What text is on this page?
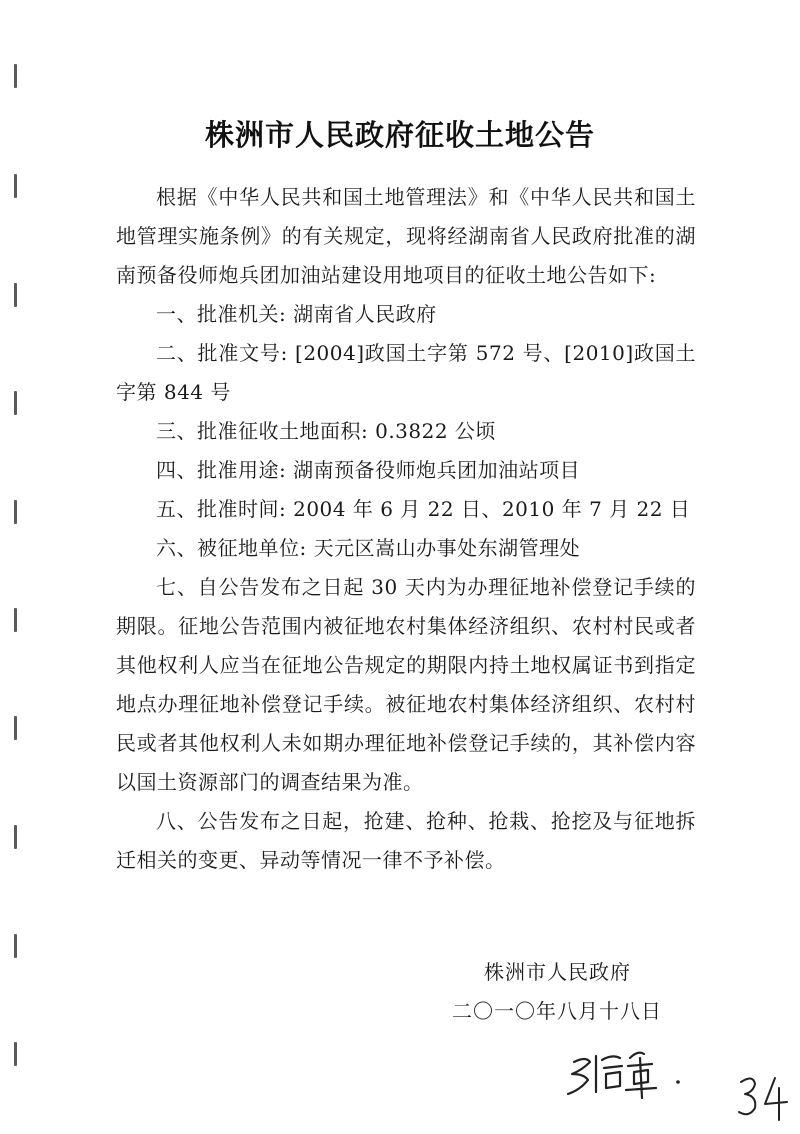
株洲市人民政府征收土地公告

根据《中华人民共和国土地管理法》和《中华人民共和国土地管理实施条例》的有关规定，现将经湖南省人民政府批准的湖南预备役师炮兵团加油站建设用地项目的征收土地公告如下:

一、批准机关: 湖南省人民政府

二、批准文号: [2004]政国土字第 572 号、[2010]政国土字第 844 号

三、批准征收土地面积: 0.3822 公顷

四、批准用途: 湖南预备役师炮兵团加油站项目

五、批准时间: 2004 年 6 月 22 日、2010 年 7 月 22 日

六、被征地单位: 天元区嵩山办事处东湖管理处

七、自公告发布之日起 30 天内为办理征地补偿登记手续的期限。征地公告范围内被征地农村集体经济组织、农村村民或者其他权利人应当在征地公告规定的期限内持土地权属证书到指定地点办理征地补偿登记手续。被征地农村集体经济组织、农村村民或者其他权利人未如期办理征地补偿登记手续的，其补偿内容以国土资源部门的调查结果为准。

八、公告发布之日起，抢建、抢种、抢栽、抢挖及与征地拆迁相关的变更、异动等情况一律不予补偿。

株洲市人民政府
二〇一〇年八月十八日
